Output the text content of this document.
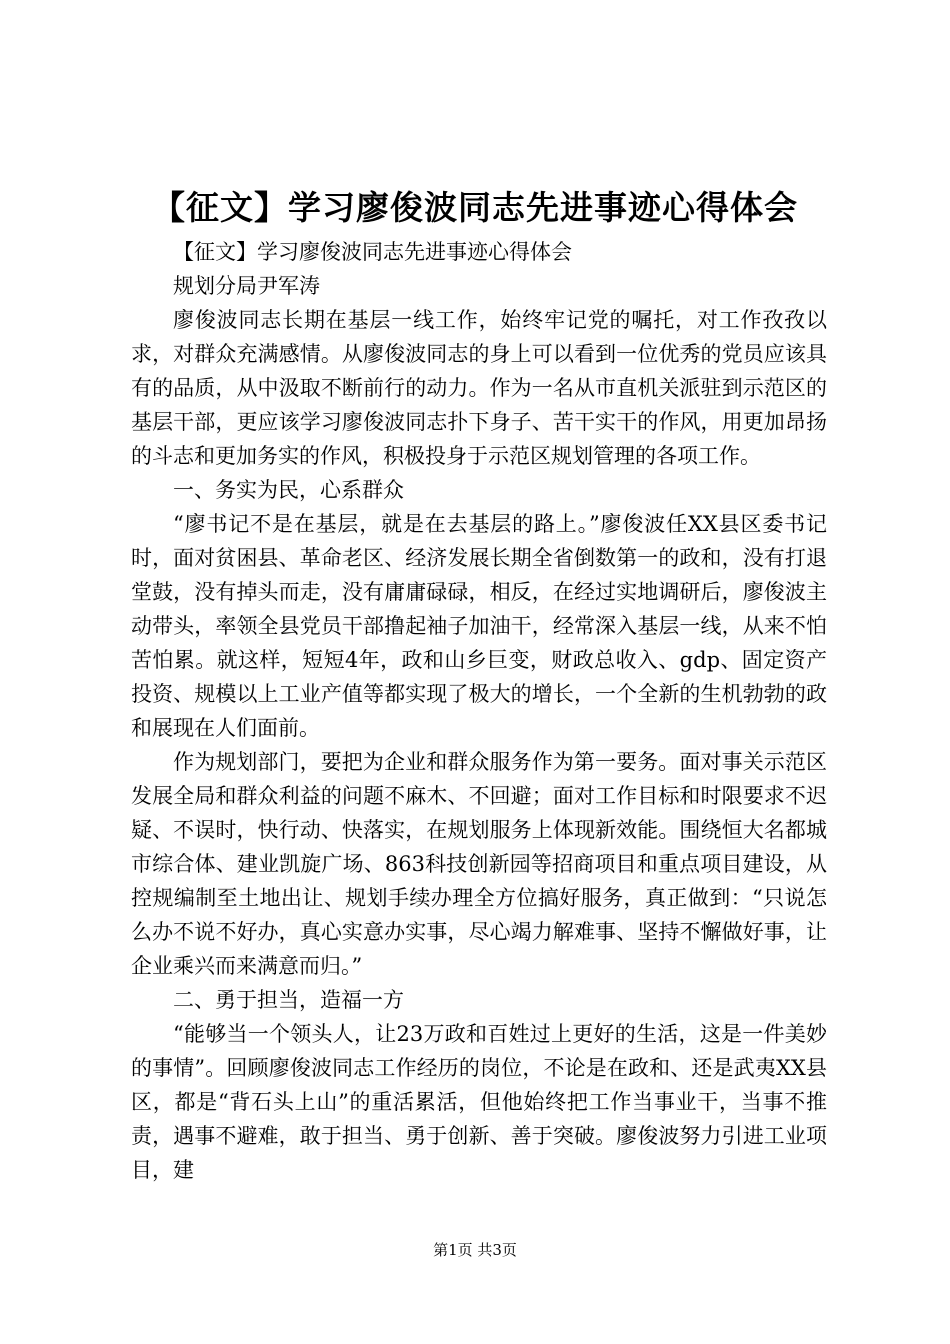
【征文】学习廖俊波同志先进事迹心得体会

【征文】学习廖俊波同志先进事迹心得体会

规划分局尹军涛

廖俊波同志长期在基层一线工作，始终牢记党的嘱托，对工作孜孜以求，对群众充满感情。从廖俊波同志的身上可以看到一位优秀的党员应该具有的品质，从中汲取不断前行的动力。作为一名从市直机关派驻到示范区的基层干部，更应该学习廖俊波同志扑下身子、苦干实干的作风，用更加昂扬的斗志和更加务实的作风，积极投身于示范区规划管理的各项工作。

一、务实为民，心系群众

“廖书记不是在基层，就是在去基层的路上。”廖俊波任XX县区委书记时，面对贫困县、革命老区、经济发展长期全省倒数第一的政和，没有打退堂鼓，没有掉头而走，没有庸庸碌碌，相反，在经过实地调研后，廖俊波主动带头，率领全县党员干部撸起袖子加油干，经常深入基层一线，从来不怕苦怕累。就这样，短短4年，政和山乡巨变，财政总收入、gdp、固定资产投资、规模以上工业产值等都实现了极大的增长，一个全新的生机勃勃的政和展现在人们面前。

作为规划部门，要把为企业和群众服务作为第一要务。面对事关示范区发展全局和群众利益的问题不麻木、不回避；面对工作目标和时限要求不迟疑、不误时，快行动、快落实，在规划服务上体现新效能。围绕恒大名都城市综合体、建业凯旋广场、863科技创新园等招商项目和重点项目建设，从控规编制至土地出让、规划手续办理全方位搞好服务，真正做到：“只说怎么办不说不好办，真心实意办实事，尽心竭力解难事、坚持不懈做好事，让企业乘兴而来满意而归。”

二、勇于担当，造福一方

“能够当一个领头人，让23万政和百姓过上更好的生活，这是一件美妙的事情”。回顾廖俊波同志工作经历的岗位，不论是在政和、还是武夷XX县区，都是“背石头上山”的重活累活，但他始终把工作当事业干，当事不推责，遇事不避难，敢于担当、勇于创新、善于突破。廖俊波努力引进工业项目，建

第1页 共3页
